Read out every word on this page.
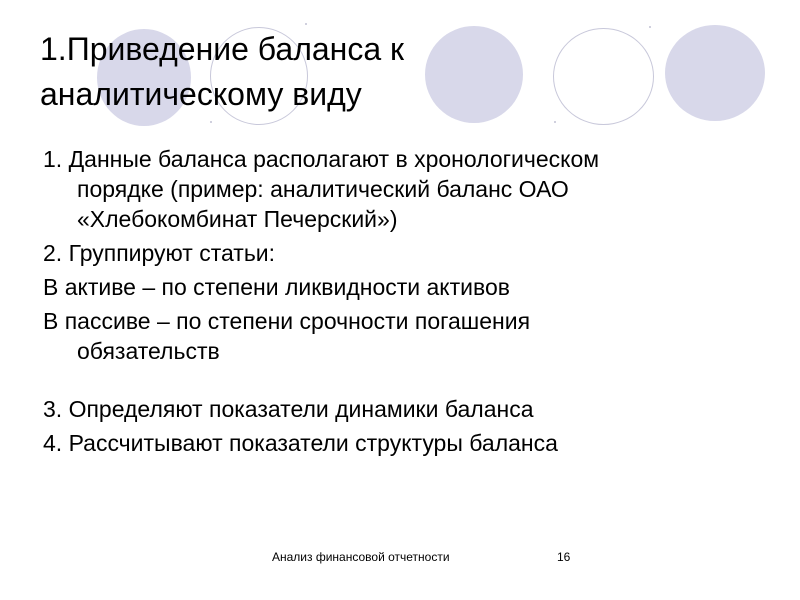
1.Приведение баланса к аналитическому виду

1. Данные баланса располагают в хронологическом порядке (пример: аналитический баланс ОАО «Хлебокомбинат Печерский»)

2. Группируют статьи:

В активе – по степени ликвидности активов

В пассиве – по степени срочности погашения обязательств

3. Определяют показатели динамики баланса

4. Рассчитывают показатели структуры баланса

Анализ финансовой отчетности	16
